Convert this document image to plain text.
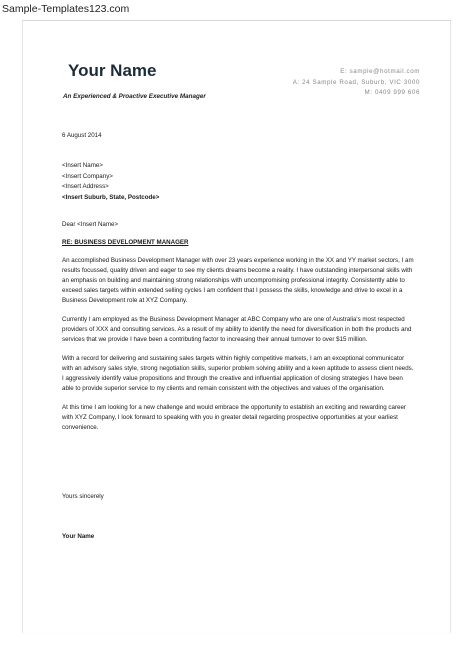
Sample-Templates123.com
Your Name
An Experienced & Proactive Executive Manager
E: sample@hotmail.com
A: 24 Sample Road, Suburb, VIC 3000
M: 0409 999 606
6 August 2014
<Insert Name>
<Insert Company>
<Insert Address>
<Insert Suburb, State, Postcode>
Dear <Insert Name>
RE: BUSINESS DEVELOPMENT MANAGER

An accomplished Business Development Manager with over 23 years experience working in the XX and YY market sectors, I am results focussed, quality driven and eager to see my clients dreams become a reality. I have outstanding interpersonal skills with an emphasis on building and maintaining strong relationships with uncompromising professional integrity. Consistently able to exceed sales targets within extended selling cycles I am confident that I possess the skills, knowledge and drive to excel in a Business Development role at XYZ Company.

Currently I am employed as the Business Development Manager at ABC Company who are one of Australia's most respected providers of XXX and consulting services. As a result of my ability to identify the need for diversification in both the products and services that we provide I have been a contributing factor to increasing their annual turnover to over $15 million.

With a record for delivering and sustaining sales targets within highly competitive markets, I am an exceptional communicator with an advisory sales style, strong negotiation skills, superior problem solving ability and a keen aptitude to assess client needs. I aggressively identify value propositions and through the creative and influential application of closing strategies I have been able to provide superior service to my clients and remain consistent with the objectives and values of the organisation.

At this time I am looking for a new challenge and would embrace the opportunity to establish an exciting and rewarding career with XYZ Company, I look forward to speaking with you in greater detail regarding prospective opportunities at your earliest convenience.

Yours sincerely
Your Name
